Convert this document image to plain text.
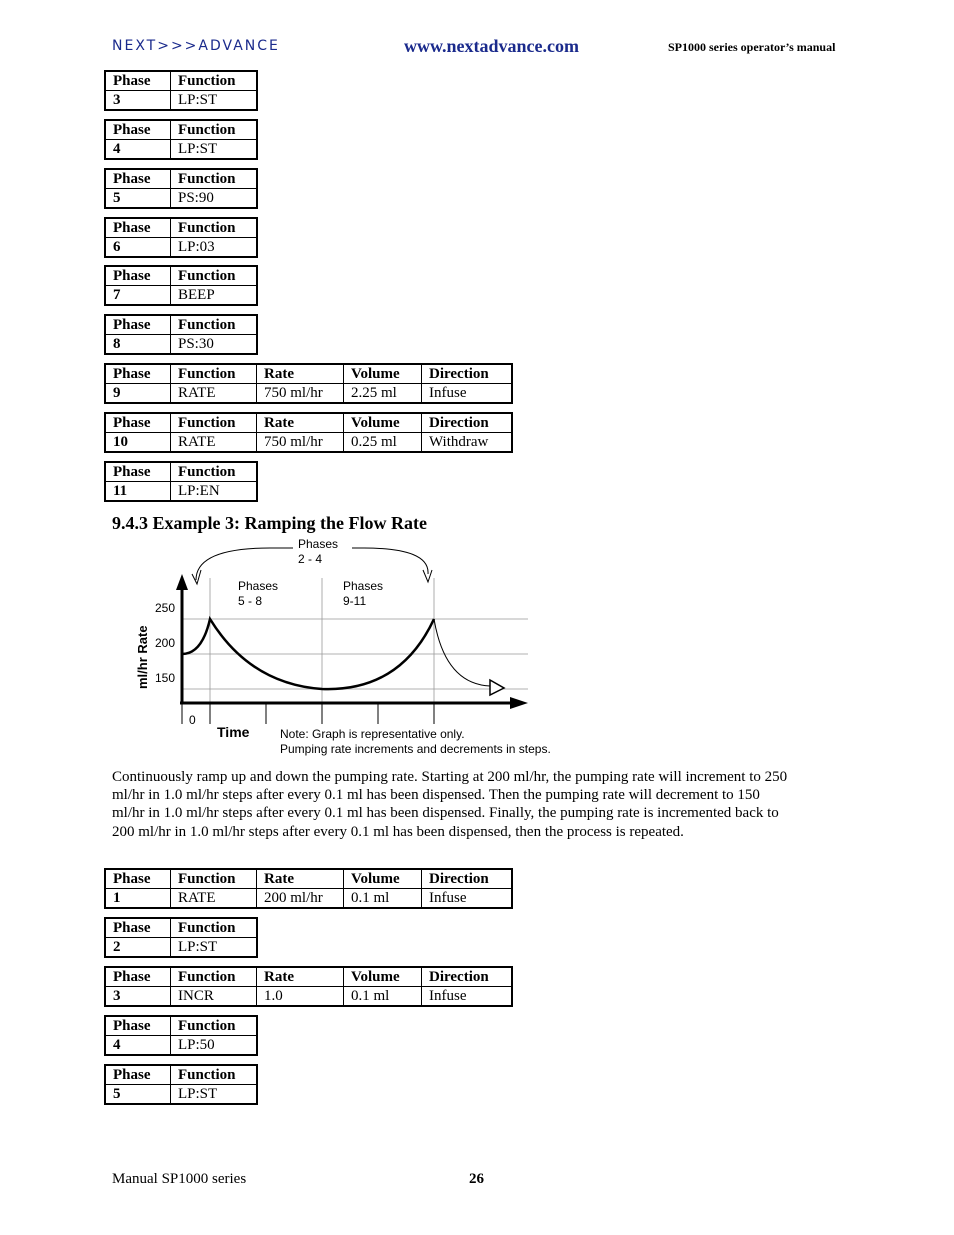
NEXT>>>ADVANCE	www.nextadvance.com	SP1000 series operator’s manual
Phase	Function
3	LP:ST
Phase	Function
4	LP:ST
Phase	Function
5	PS:90
Phase	Function
6	LP:03
Phase	Function
7	BEEP
Phase	Function
8	PS:30
Phase	Function	Rate	Volume	Direction
9	RATE	750 ml/hr	2.25 ml	Infuse
Phase	Function	Rate	Volume	Direction
10	RATE	750 ml/hr	0.25 ml	Withdraw
Phase	Function
11	LP:EN
9.4.3 Example 3: Ramping the Flow Rate
Phases
2 - 4
Phases
5 - 8
Phases
9-11
250
200
150
ml/hr Rate
0
Time	Note: Graph is representative only.
Pumping rate increments and decrements in steps.
Continuously ramp up and down the pumping rate. Starting at 200 ml/hr, the pumping rate will increment to 250 ml/hr in 1.0 ml/hr steps after every 0.1 ml has been dispensed. Then the pumping rate will decrement to 150 ml/hr in 1.0 ml/hr steps after every 0.1 ml has been dispensed. Finally, the pumping rate is incremented back to 200 ml/hr in 1.0 ml/hr steps after every 0.1 ml has been dispensed, then the process is repeated.
Phase	Function	Rate	Volume	Direction
1	RATE	200 ml/hr	0.1 ml	Infuse
Phase	Function
2	LP:ST
Phase	Function	Rate	Volume	Direction
3	INCR	1.0	0.1 ml	Infuse
Phase	Function
4	LP:50
Phase	Function
5	LP:ST
Manual SP1000 series	26
